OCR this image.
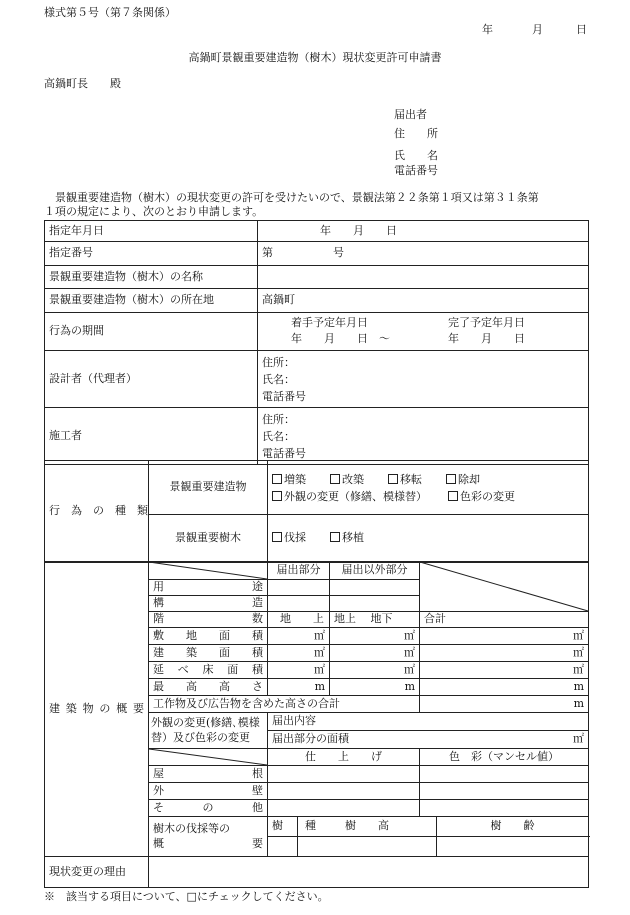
様式第５号（第７条関係）
年	月	日
高鍋町景観重要建造物（樹木）現状変更許可申請書
高鍋町長　　殿
届出者
住　　所
氏　　名
電話番号
　景観重要建造物（樹木）の現状変更の許可を受けたいので、景観法第２２条第１項又は第３１条第
１項の規定により、次のとおり申請します。
指定年月日	年　　月　　日
指定番号	第 号
景観重要建造物（樹木）の名称	
景観重要建造物（樹木）の所在地	高鍋町
行為の期間	着手予定年月日 完了予定年月日
年　　月　　日　〜 年　　月　　日

設計者（代理者）	住所：
氏名：
電話番号

施工者	住所：
氏名：
電話番号
行　為　の　種　類	景観重要建造物	増築 改築 移転 除却
外観の変更（修繕、模様替） 色彩の変更

	景観重要樹木	伐採 移植
建 築 物 の 概 要		届出部分		届出以外部分	

	用　　　途					

	構　　　造					

	階　　　数	地　　上		地上　 地下	合計	

	敷　地　面　積	㎡		㎡	㎡	

	建　築　面　積	㎡		㎡	㎡	

	延 べ 床 面 積	㎡		㎡	㎡	

	最　高　高　さ	m		m	m	
	工作物及び広告物を含めた高さの合計				m	

	外観の変更(修繕､模様
替）及び色彩の変更	届出内容				
		届出部分の面積 ㎡				

	仕　　上　　げ			色　彩（マンセル値）	

	屋　　　根					

	外　　　壁					

	そ　の　他					

	樹木の伐採等の
概　　　　要	樹　　種	樹　　高			樹　　齢

現状変更の理由						
※　該当する項目について、□にチェックしてください。
